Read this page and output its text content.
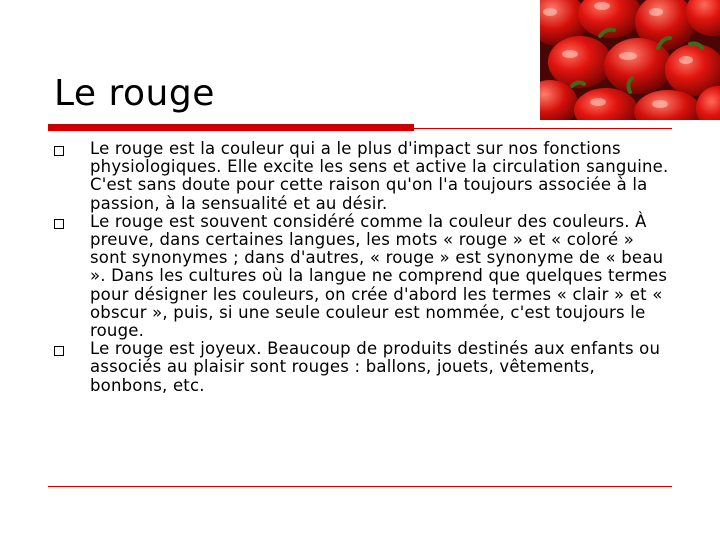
Le rouge
Le rouge est la couleur qui a le plus d'impact sur nos fonctions physiologiques. Elle excite les sens et active la circulation sanguine. C'est sans doute pour cette raison qu'on l'a toujours associée à la passion, à la sensualité et au désir.
Le rouge est souvent considéré comme la couleur des couleurs. À preuve, dans certaines langues, les mots « rouge » et « coloré » sont synonymes ; dans d'autres, « rouge » est synonyme de « beau ». Dans les cultures où la langue ne comprend que quelques termes pour désigner les couleurs, on crée d'abord les termes « clair » et « obscur », puis, si une seule couleur est nommée, c'est toujours le rouge.
Le rouge est joyeux. Beaucoup de produits destinés aux enfants ou associés au plaisir sont rouges : ballons, jouets, vêtements, bonbons, etc.
